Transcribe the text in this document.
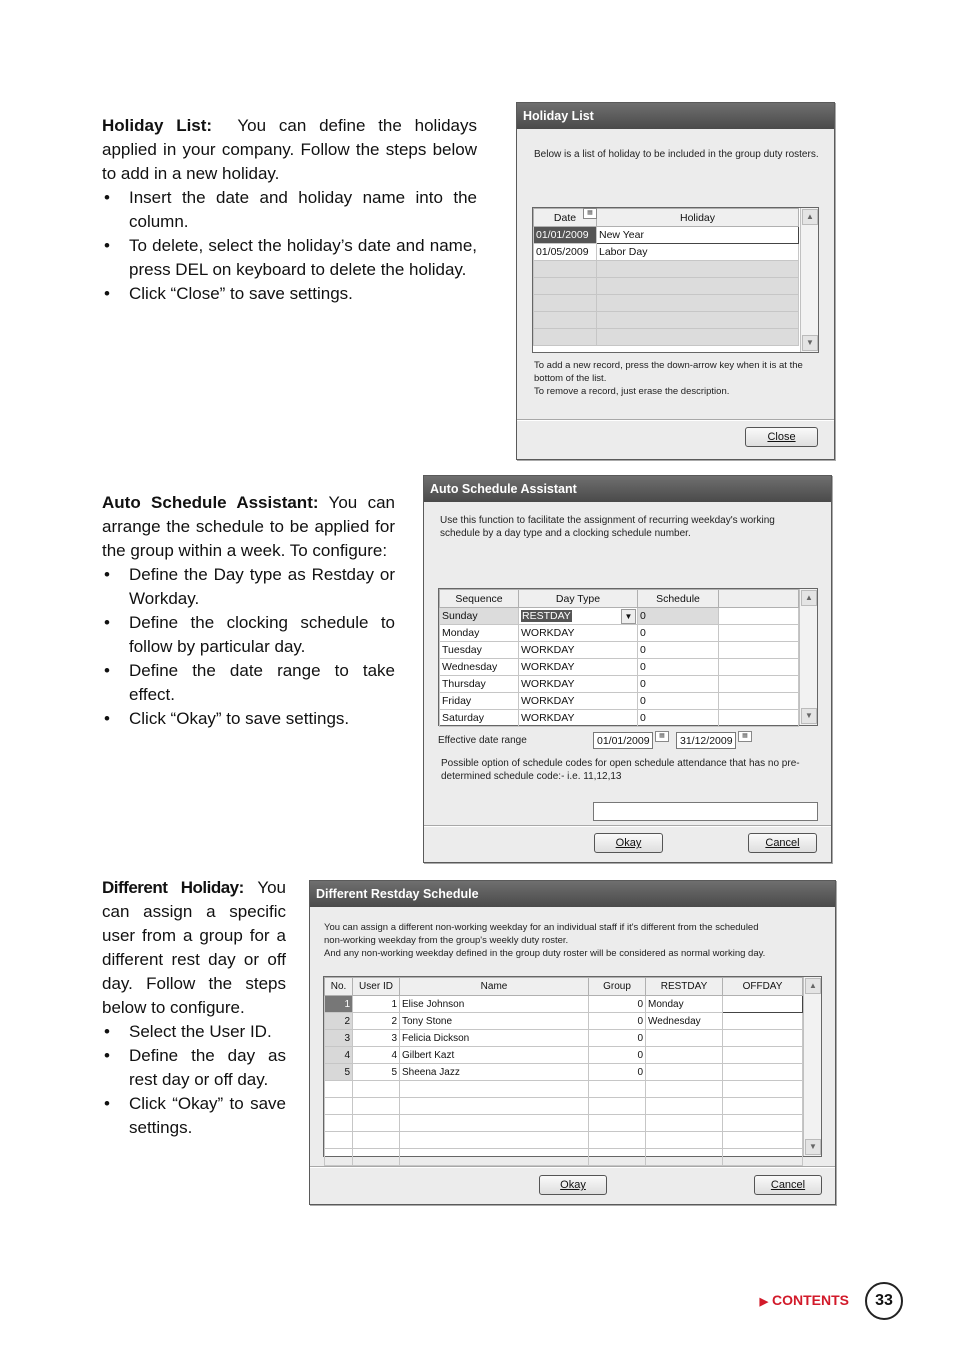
Holiday List: You can define the holidays applied in your company. Follow the steps below to add in a new holiday.

• Insert the date and holiday name into the column.
• To delete, select the holiday’s date and name, press DEL on keyboard to delete the holiday.
• Click “Close” to save settings.
Holiday List
Below is a list of holiday to be included in the group duty rosters.
Date	Holiday
01/01/2009	New Year
01/05/2009	Labor Day

▦	▲
▼
To add a new record, press the down-arrow key when it is at the
bottom of the list.
To remove a record, just erase the description.
Close

Auto Schedule Assistant: You can arrange the schedule to be applied for the group within a week. To configure:

• Define the Day type as Restday or Workday.
• Define the clocking schedule to follow by particular day.
• Define the date range to take effect.
• Click “Okay” to save settings.
Auto Schedule Assistant
Use this function to facilitate the assignment of recurring weekday's working schedule by a day type and a clocking schedule number.
Sequence	Day Type	Schedule	
Sunday	RESTDAY ▼	0	
Monday	WORKDAY	0	
Tuesday	WORKDAY	0	
Wednesday	WORKDAY	0	
Thursday	WORKDAY	0	
Friday	WORKDAY	0	
Saturday	WORKDAY	0	
▲
▼
Effective date range	01/01/2009	▦	31/12/2009	▦
Possible option of schedule codes for open schedule attendance that has no pre-determined schedule code:- i.e. 11,12,13
Okay	Cancel

Different Holiday: You can assign a specific user from a group for a different rest day or off day. Follow the steps below to configure.

• Select the User ID.
• Define the day as rest day or off day.
• Click “Okay” to save settings.
Different Restday Schedule
You can assign a different non-working weekday for an individual staff if it's different from the scheduled
non-working weekday from the group's weekly duty roster.
And any non-working weekday defined in the group duty roster will be considered as normal working day.
No.	User ID	Name	Group	RESTDAY	OFFDAY
1	1	Elise Johnson	0	Monday	
2	2	Tony Stone	0	Wednesday	
3	3	Felicia Dickson	0		
4	4	Gilbert Kazt	0		
5	5	Sheena Jazz	0		

▲
▼
Okay	Cancel
▶ CONTENTS	33
